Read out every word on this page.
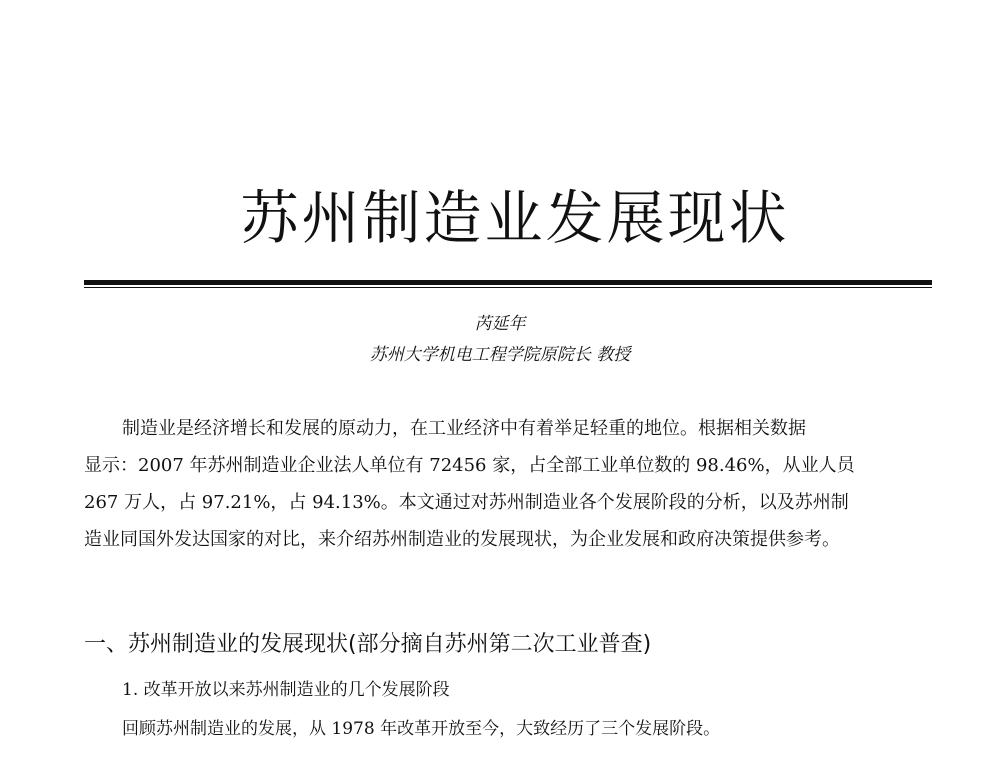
苏州制造业发展现状
芮延年
苏州大学机电工程学院原院长 教授
制造业是经济增长和发展的原动力，在工业经济中有着举足轻重的地位。根据相关数据
显示：2007 年苏州制造业企业法人单位有 72456 家，占全部工业单位数的 98.46%，从业人员
267 万人，占 97.21%，占 94.13%。本文通过对苏州制造业各个发展阶段的分析，以及苏州制
造业同国外发达国家的对比，来介绍苏州制造业的发展现状，为企业发展和政府决策提供参考。
一、苏州制造业的发展现状(部分摘自苏州第二次工业普查)
1. 改革开放以来苏州制造业的几个发展阶段
回顾苏州制造业的发展，从 1978 年改革开放至今，大致经历了三个发展阶段。
